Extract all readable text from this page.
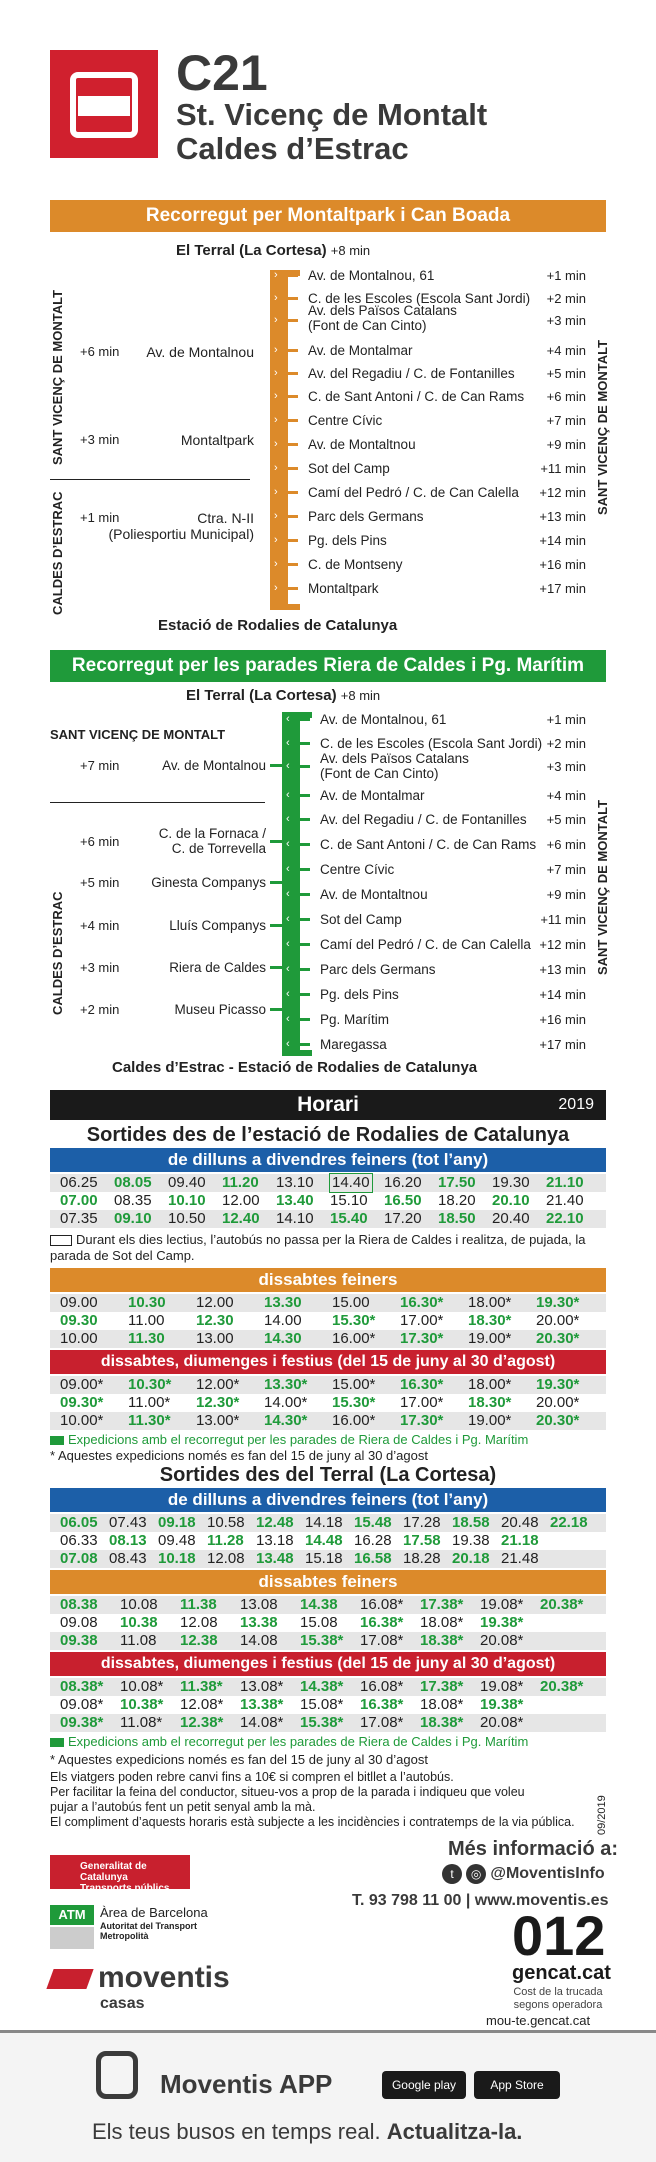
C21
St. Vicenç de Montalt
Caldes d’Estrac
Recorregut per Montaltpark i Can Boada
El Terral (La Cortesa) +8 min
SANT VICENÇ DE MONTALT
CALDES D’ESTRAC
SANT VICENÇ DE MONTALT
+6 min	Av. de Montalnou
+3 min	Montaltpark
+1 min	Ctra. N-II
(Poliesportiu Municipal)
Av. de Montalnou, 61	+1 min
›
C. de les Escoles (Escola Sant Jordi)	+2 min
›
Av. dels Països Catalans
(Font de Can Cinto)	+3 min
›
Av. de Montalmar	+4 min
›
Av. del Regadiu / C. de Fontanilles	+5 min
›
C. de Sant Antoni / C. de Can Rams	+6 min
›
Centre Cívic	+7 min
›
Av. de Montaltnou	+9 min
›
Sot del Camp	+11 min
›
Camí del Pedró / C. de Can Calella	+12 min
›
Parc dels Germans	+13 min
›
Pg. dels Pins	+14 min
›
C. de Montseny	+16 min
›
Montaltpark	+17 min
›
Estació de Rodalies de Catalunya
Recorregut per les parades Riera de Caldes i Pg. Marítim
El Terral (La Cortesa) +8 min
SANT VICENÇ DE MONTALT
CALDES D’ESTRAC	SANT VICENÇ DE MONTALT
+7 min	Av. de Montalnou
+6 min
C. de la Fornaca /
C. de Torrevella
+5 min	Ginesta Companys
+4 min	Lluís Companys
+3 min	Riera de Caldes
+2 min	Museu Picasso
Av. de Montalnou, 61	+1 min
‹
C. de les Escoles (Escola Sant Jordi) +2 min
‹
Av. dels Països Catalans
(Font de Can Cinto)	+3 min
‹
Av. de Montalmar	+4 min
‹
Av. del Regadiu / C. de Fontanilles	+5 min
‹
C. de Sant Antoni / C. de Can Rams +6 min
‹
Centre Cívic	+7 min
‹
Av. de Montaltnou	+9 min
‹
Sot del Camp	+11 min
‹
Camí del Pedró / C. de Can Calella +12 min
‹
Parc dels Germans	+13 min
‹
Pg. dels Pins	+14 min
‹
Pg. Marítim	+16 min
‹
Maregassa	+17 min
‹
Caldes d’Estrac - Estació de Rodalies de Catalunya
Horari	2019
Sortides des de l’estació de Rodalies de Catalunya
de dilluns a divendres feiners (tot l’any)
06.25 08.05 09.40 11.20 13.10 14.40 16.20 17.50 19.30 21.10
07.00 08.35 10.10 12.00 13.40 15.10 16.50 18.20 20.10 21.40
07.35 09.10 10.50 12.40 14.10 15.40 17.20 18.50 20.40 22.10
Durant els dies lectius, l’autobús no passa per la Riera de Caldes i realitza, de pujada, la parada de Sot del Camp.
dissabtes feiners
09.00 10.30 12.00 13.30 15.00 16.30* 18.00* 19.30*
09.30 11.00 12.30 14.00 15.30* 17.00* 18.30* 20.00*
10.00 11.30 13.00 14.30 16.00* 17.30* 19.00* 20.30*
dissabtes, diumenges i festius (del 15 de juny al 30 d’agost)
09.00* 10.30* 12.00* 13.30* 15.00* 16.30* 18.00* 19.30*
09.30* 11.00* 12.30* 14.00* 15.30* 17.00* 18.30* 20.00*
10.00* 11.30* 13.00* 14.30* 16.00* 17.30* 19.00* 20.30*
Expedicions amb el recorregut per les parades de Riera de Caldes i Pg. Marítim
* Aquestes expedicions només es fan del 15 de juny al 30 d’agost
Sortides des del Terral (La Cortesa)
de dilluns a divendres feiners (tot l’any)
06.05 07.43 09.18 10.58 12.48 14.18 15.48 17.28 18.58 20.48 22.18
06.33 08.13 09.48 11.28 13.18 14.48 16.28 17.58 19.38 21.18
07.08 08.43 10.18 12.08 13.48 15.18 16.58 18.28 20.18 21.48
dissabtes feiners
08.38 10.08 11.38 13.08 14.38 16.08* 17.38* 19.08* 20.38*
09.08 10.38 12.08 13.38 15.08 16.38* 18.08* 19.38*
09.38 11.08 12.38 14.08 15.38* 17.08* 18.38* 20.08*
dissabtes, diumenges i festius (del 15 de juny al 30 d’agost)
08.38* 10.08* 11.38* 13.08* 14.38* 16.08* 17.38* 19.08* 20.38*
09.08* 10.38* 12.08* 13.38* 15.08* 16.38* 18.08* 19.38*
09.38* 11.08* 12.38* 14.08* 15.38* 17.08* 18.38* 20.08*
Expedicions amb el recorregut per les parades de Riera de Caldes i Pg. Marítim
* Aquestes expedicions només es fan del 15 de juny al 30 d’agost
Els viatgers poden rebre canvi fins a 10€ si compren el bitllet a l’autobús.
Per facilitar la feina del conductor, situeu-vos a prop de la parada i indiqueu que voleu
pujar a l’autobús fent un petit senyal amb la mà.
El compliment d’aquests horaris està subjecte a les incidències i contratemps de la via pública.	09/2019
Generalitat de Catalunya
Transports públics
ATM	Àrea de Barcelona
Autoritat del Transport
Metropolità
moventis
casas
Més informació a:
t ◎ @MoventisInfo
T. 93 798 11 00 | www.moventis.es
012
gencat.cat
Cost de la trucada
segons operadora
mou-te.gencat.cat
Moventis APP	Google play	App Store
Els teus busos en temps real. Actualitza-la.
